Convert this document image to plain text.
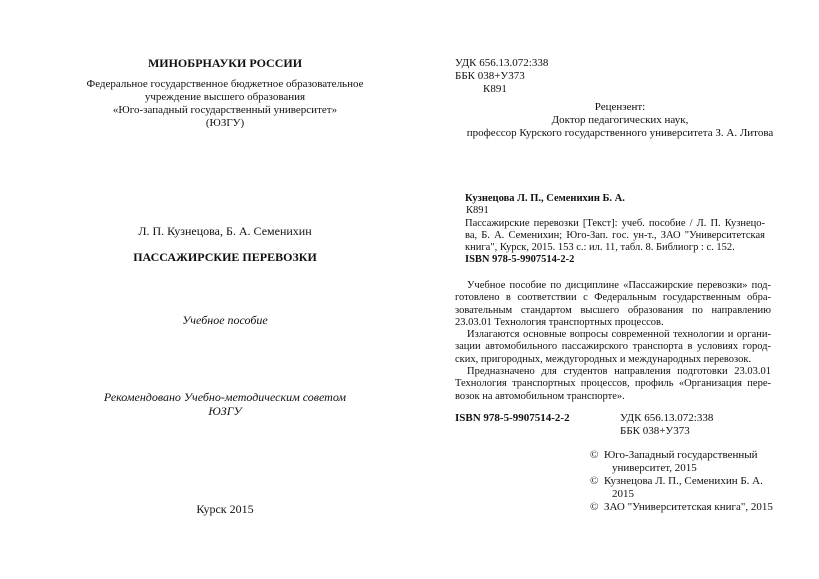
МИНОБРНАУКИ РОССИИ
Федеральное государственное бюджетное образовательное
учреждение высшего образования
«Юго-западный государственный университет»
(ЮЗГУ)
Л. П. Кузнецова, Б. А. Семенихин
ПАССАЖИРСКИЕ ПЕРЕВОЗКИ
Учебное пособие
Рекомендовано Учебно-методическим советом
ЮЗГУ
Курск 2015
УДК 656.13.072:338
ББК 038+У373
К891
Рецензент:
Доктор педагогических наук,
профессор Курского государственного университета З. А. Литова
Кузнецова Л. П., Семенихин Б. А.
К891
Пассажирские перевозки [Текст]: учеб. пособие / Л. П. Кузнецо-
ва, Б. А. Семенихин; Юго-Зап. гос. ун-т., ЗАО "Университетская
книга", Курск, 2015. 153 с.: ил. 11, табл. 8. Библиогр : с. 152.
ISBN 978-5-9907514-2-2
Учебное пособие по дисциплине «Пассажирские перевозки» под-
готовлено в соответствии с Федеральным государственным обра-
зовательным стандартом высшего образования по направлению
23.03.01 Технология транспортных процессов.
Излагаются основные вопросы современной технологии и органи-
зации автомобильного пассажирского транспорта в условиях город-
ских, пригородных, междугородных и международных перевозок.
Предназначено для студентов направления подготовки 23.03.01
Технология транспортных процессов, профиль «Организация пере-
возок на автомобильном транспорте».
ISBN 978-5-9907514-2-2	УДК 656.13.072:338
ББК 038+У373
© Юго-Западный государственный
университет, 2015
© Кузнецова Л. П., Семенихин Б. А.
2015
© ЗАО "Университетская книга", 2015
